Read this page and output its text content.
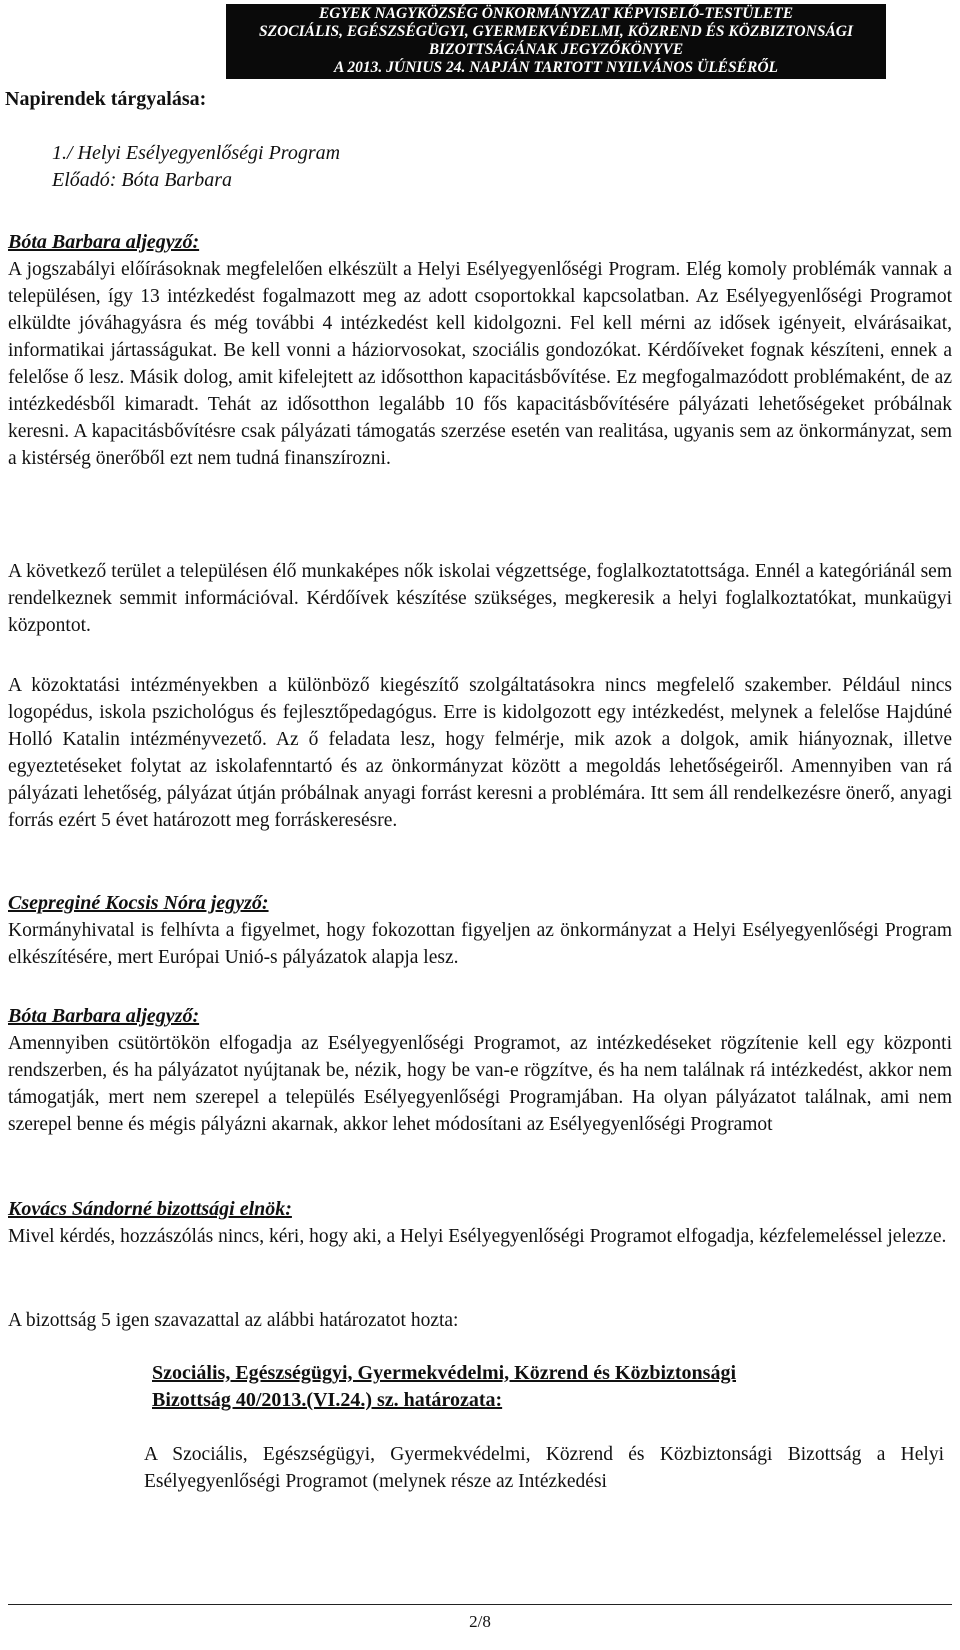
EGYEK NAGYKÖZSÉG ÖNKORMÁNYZAT KÉPVISELŐ-TESTÜLETE
SZOCIÁLIS, EGÉSZSÉGÜGYI, GYERMEKVÉDELMI, KÖZREND ÉS KÖZBIZTONSÁGI BIZOTTSÁGÁNAK JEGYZŐKÖNYVE
A 2013. JÚNIUS 24. NAPJÁN TARTOTT NYILVÁNOS ÜLÉSÉRŐL
Napirendek tárgyalása:
1./ Helyi Esélyegyenlőségi Program
Előadó: Bóta Barbara
Bóta Barbara aljegyző:

A jogszabályi előírásoknak megfelelően elkészült a Helyi Esélyegyenlőségi Program. Elég komoly problémák vannak a településen, így 13 intézkedést fogalmazott meg az adott csoportokkal kapcsolatban. Az Esélyegyenlőségi Programot elküldte jóváhagyásra és még további 4 intézkedést kell kidolgozni. Fel kell mérni az idősek igényeit, elvárásaikat, informatikai jártasságukat. Be kell vonni a háziorvosokat, szociális gondozókat. Kérdőíveket fognak készíteni, ennek a felelőse ő lesz. Másik dolog, amit kifelejtett az idősotthon kapacitásbővítése. Ez megfogalmazódott problémaként, de az intézkedésből kimaradt. Tehát az idősotthon legalább 10 fős kapacitásbővítésére pályázati lehetőségeket próbálnak keresni. A kapacitásbővítésre csak pályázati támogatás szerzése esetén van realitása, ugyanis sem az önkormányzat, sem a kistérség önerőből ezt nem tudná finanszírozni.

A következő terület a településen élő munkaképes nők iskolai végzettsége, foglalkoztatottsága. Ennél a kategóriánál sem rendelkeznek semmit információval. Kérdőívek készítése szükséges, megkeresik a helyi foglalkoztatókat, munkaügyi központot.

A közoktatási intézményekben a különböző kiegészítő szolgáltatásokra nincs megfelelő szakember. Például nincs logopédus, iskola pszichológus és fejlesztőpedagógus. Erre is kidolgozott egy intézkedést, melynek a felelőse Hajdúné Holló Katalin intézményvezető. Az ő feladata lesz, hogy felmérje, mik azok a dolgok, amik hiányoznak, illetve egyeztetéseket folytat az iskolafenntartó és az önkormányzat között a megoldás lehetőségeiről. Amennyiben van rá pályázati lehetőség, pályázat útján próbálnak anyagi forrást keresni a problémára. Itt sem áll rendelkezésre önerő, anyagi forrás ezért 5 évet határozott meg forráskeresésre.

Csepreginé Kocsis Nóra jegyző:

Kormányhivatal is felhívta a figyelmet, hogy fokozottan figyeljen az önkormányzat a Helyi Esélyegyenlőségi Program elkészítésére, mert Európai Unió-s pályázatok alapja lesz.

Bóta Barbara aljegyző:

Amennyiben csütörtökön elfogadja az Esélyegyenlőségi Programot, az intézkedéseket rögzítenie kell egy központi rendszerben, és ha pályázatot nyújtanak be, nézik, hogy be van-e rögzítve, és ha nem találnak rá intézkedést, akkor nem támogatják, mert nem szerepel a település Esélyegyenlőségi Programjában. Ha olyan pályázatot találnak, ami nem szerepel benne és mégis pályázni akarnak, akkor lehet módosítani az Esélyegyenlőségi Programot

Kovács Sándorné bizottsági elnök:

Mivel kérdés, hozzászólás nincs, kéri, hogy aki, a Helyi Esélyegyenlőségi Programot elfogadja, kézfelemeléssel jelezze.

A bizottság 5 igen szavazattal az alábbi határozatot hozta:

Szociális, Egészségügyi, Gyermekvédelmi, Közrend és Közbiztonsági
Bizottság 40/2013.(VI.24.) sz. határozata:
A Szociális, Egészségügyi, Gyermekvédelmi, Közrend és Közbiztonsági Bizottság a Helyi Esélyegyenlőségi Programot (melynek része az Intézkedési
2/8
